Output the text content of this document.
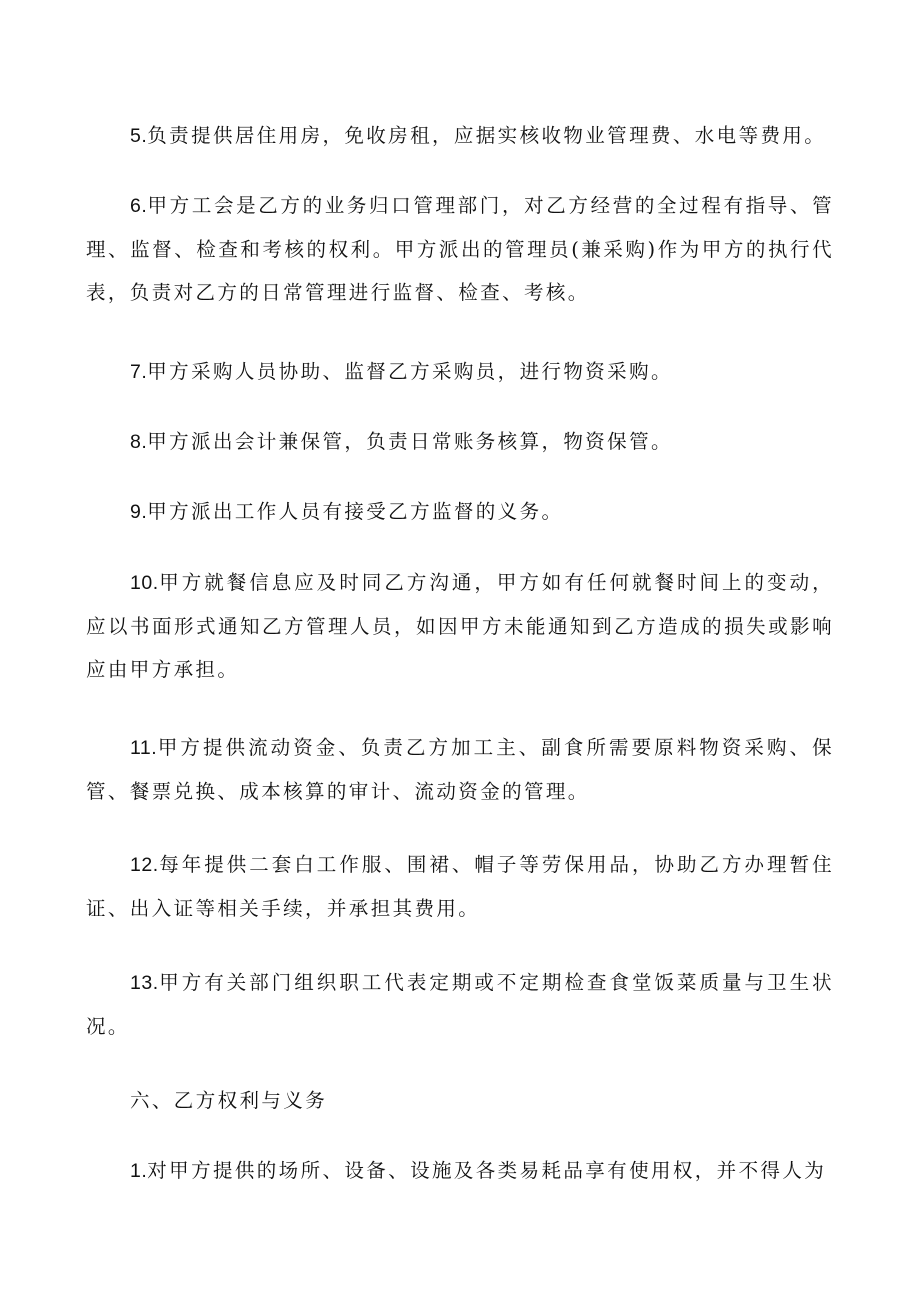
5.负责提供居住用房，免收房租，应据实核收物业管理费、水电等费用。

6.甲方工会是乙方的业务归口管理部门，对乙方经营的全过程有指导、管理、监督、检查和考核的权利。甲方派出的管理员(兼采购)作为甲方的执行代表，负责对乙方的日常管理进行监督、检查、考核。

7.甲方采购人员协助、监督乙方采购员，进行物资采购。

8.甲方派出会计兼保管，负责日常账务核算，物资保管。

9.甲方派出工作人员有接受乙方监督的义务。

10.甲方就餐信息应及时同乙方沟通，甲方如有任何就餐时间上的变动，应以书面形式通知乙方管理人员，如因甲方未能通知到乙方造成的损失或影响应由甲方承担。

11.甲方提供流动资金、负责乙方加工主、副食所需要原料物资采购、保管、餐票兑换、成本核算的审计、流动资金的管理。

12.每年提供二套白工作服、围裙、帽子等劳保用品，协助乙方办理暂住证、出入证等相关手续，并承担其费用。

13.甲方有关部门组织职工代表定期或不定期检查食堂饭菜质量与卫生状况。

六、乙方权利与义务

1.对甲方提供的场所、设备、设施及各类易耗品享有使用权，并不得人为
